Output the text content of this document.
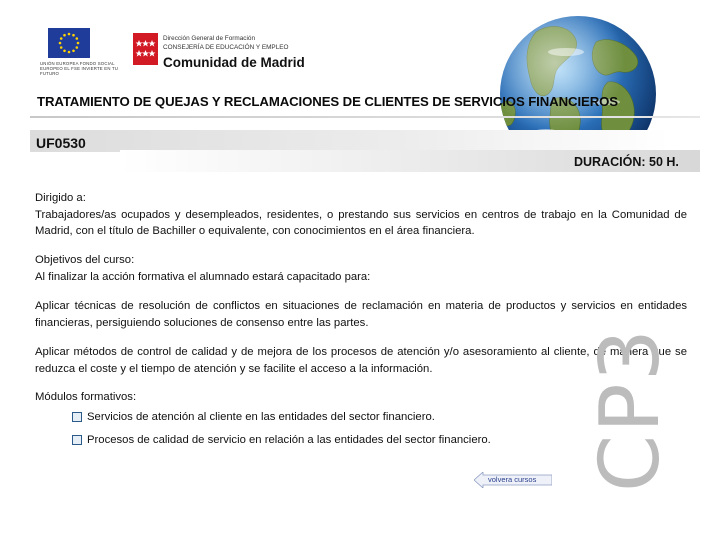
UNIÓN EUROPEA FONDO SOCIAL EUROPEO EL FSE INVIERTE EN TU FUTURO
Dirección General de Formación
CONSEJERÍA DE EDUCACIÓN Y EMPLEO
Comunidad de Madrid
TRATAMIENTO DE QUEJAS Y RECLAMACIONES DE CLIENTES DE SERVICIOS FINANCIEROS
UF0530
DURACIÓN: 50 H.
Dirigido a:
Trabajadores/as ocupados y desempleados, residentes, o prestando sus servicios en centros de trabajo en la Comunidad de Madrid, con el título de Bachiller o equivalente, con conocimientos en el área financiera.
Objetivos del curso:
Al finalizar la acción formativa el alumnado estará capacitado para:
Aplicar técnicas de resolución de conflictos en situaciones de reclamación en materia de productos y servicios en entidades financieras, persiguiendo soluciones de consenso entre las partes.
Aplicar métodos de control de calidad y de mejora de los procesos de atención y/o asesoramiento al cliente, de manera que se reduzca el coste y el tiempo de atención y se facilite el acceso a la información.
Módulos formativos:
Servicios de atención al cliente en las entidades del sector financiero.
Procesos de calidad de servicio en relación a las entidades del sector financiero.
volvera cursos CP3
